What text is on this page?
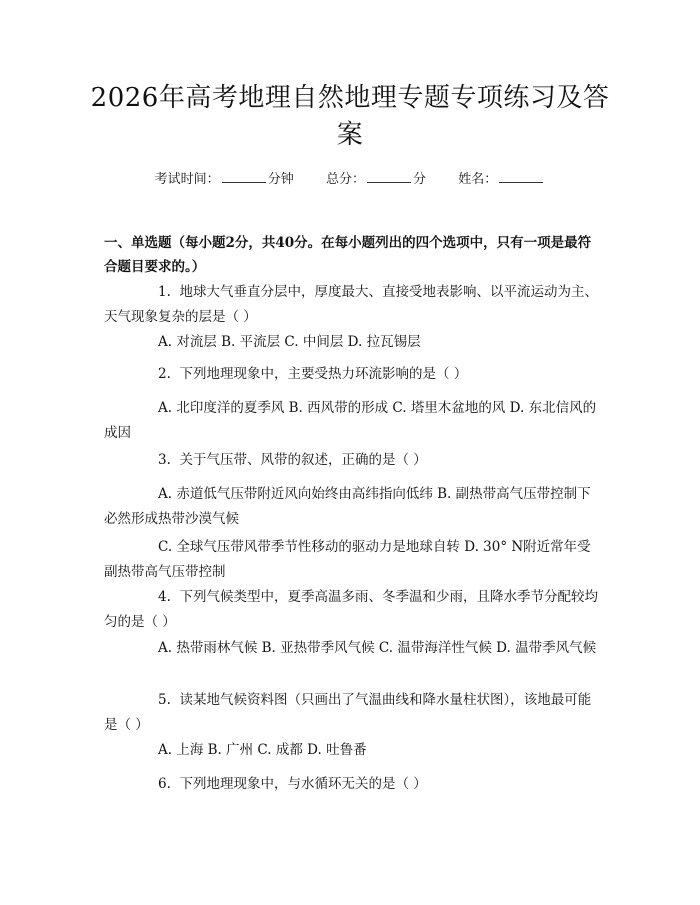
2026年高考地理自然地理专题专项练习及答案
考试时间：	分钟 总分：	分 姓名：
一、单选题（每小题2分，共40分。在每小题列出的四个选项中，只有一项是最符合题目要求的。）
1. 地球大气垂直分层中，厚度最大、直接受地表影响、以平流运动为主、天气现象复杂的层是（ ）
A. 对流层 B. 平流层 C. 中间层 D. 拉瓦锡层
2. 下列地理现象中，主要受热力环流影响的是（ ）
A. 北印度洋的夏季风 B. 西风带的形成 C. 塔里木盆地的风 D. 东北信风的成因
3. 关于气压带、风带的叙述，正确的是（ ）
A. 赤道低气压带附近风向始终由高纬指向低纬 B. 副热带高气压带控制下必然形成热带沙漠气候
C. 全球气压带风带季节性移动的驱动力是地球自转 D. 30° N附近常年受副热带高气压带控制
4. 下列气候类型中，夏季高温多雨、冬季温和少雨，且降水季节分配较均匀的是（ ）
A. 热带雨林气候 B. 亚热带季风气候 C. 温带海洋性气候 D. 温带季风气候
5. 读某地气候资料图（只画出了气温曲线和降水量柱状图），该地最可能是（ ）
A. 上海 B. 广州 C. 成都 D. 吐鲁番
6. 下列地理现象中，与水循环无关的是（ ）
